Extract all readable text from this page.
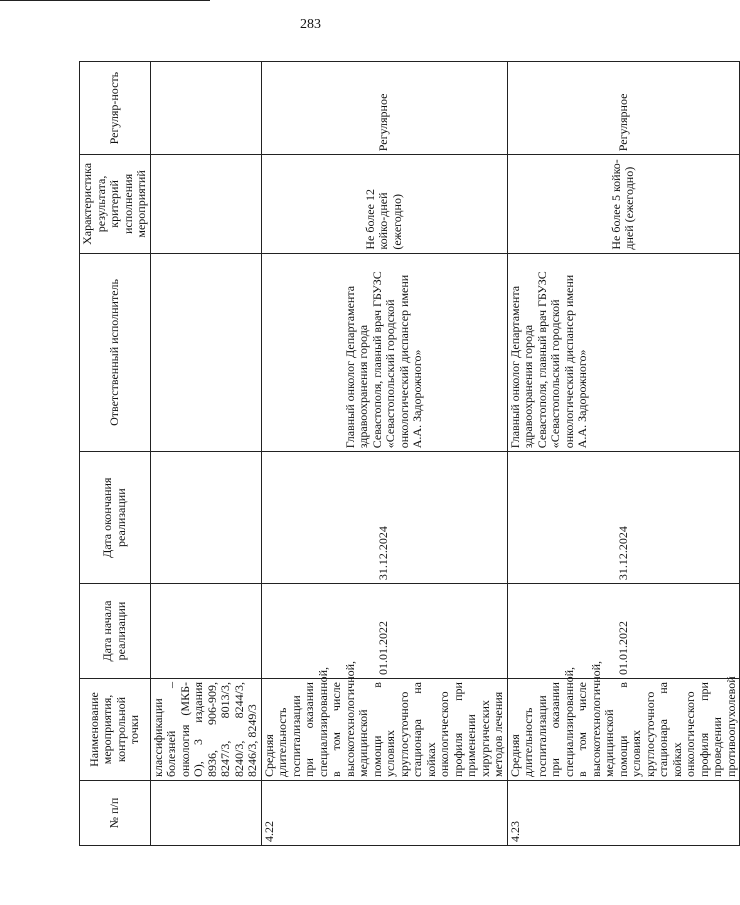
283
№ п/п	Наименование мероприятия, контрольной точки	Дата начала реализации	Дата окончания реализации	Ответственный исполнитель	Характеристика результата, критерий исполнения мероприятий	Регуляр-ность
	классификации болезней – онкология (МКБ-О), 3 издания 8936, 906-909, 8247/3, 8013/3, 8240/3, 8244/3, 8246/3, 8249/3					
4.22	Средняя длительность госпитализации при оказании специализированной, в том числе высокотехнологичной, медицинской помощи в условиях круглосуточного стационара на койках онкологического профиля при применении хирургических методов лечения	01.01.2022	31.12.2024	Главный онколог Департамента здравоохранения города Севастополя, главный врач ГБУЗС «Севастопольский городской онкологический диспансер имени А.А. Задорожного»	Не более 12 койко-дней (ежегодно)	Регулярное
4.23	Средняя длительность госпитализации при оказании специализированной, в том числе высокотехнологичной, медицинской помощи в условиях круглосуточного стационара на койках онкологического профиля при проведении противоопухолевой	01.01.2022	31.12.2024	Главный онколог Департамента здравоохранения города Севастополя, главный врач ГБУЗС «Севастопольский городской онкологический диспансер имени А.А. Задорожного»	Не более 5 койко-дней (ежегодно)	Регулярное
